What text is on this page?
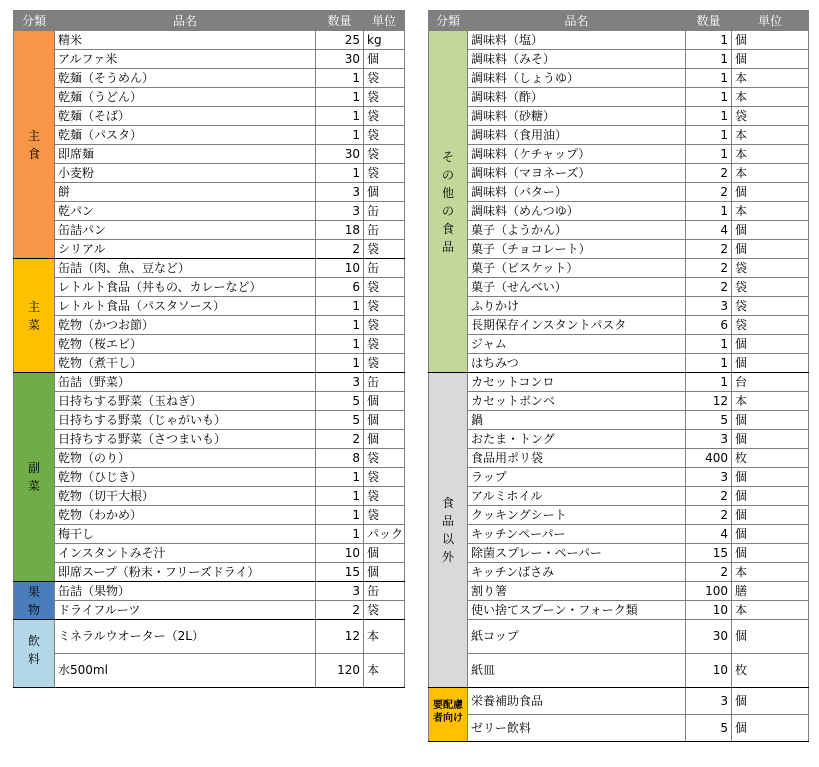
分類	品名	数量	単位
主食	精米	25	kg
	アルファ米	30	個
	乾麺（そうめん）	1	袋
	乾麺（うどん）	1	袋
	乾麺（そば）	1	袋
	乾麺（パスタ）	1	袋
	即席麺	30	袋
	小麦粉	1	袋
	餅	3	個
	乾パン	3	缶
	缶詰パン	18	缶
	シリアル	2	袋
主菜	缶詰（肉、魚、豆など）	10	缶
	レトルト食品（丼もの、カレーなど）	6	袋
	レトルト食品（パスタソース）	1	袋
	乾物（かつお節）	1	袋
	乾物（桜エビ）	1	袋
	乾物（煮干し）	1	袋
副菜	缶詰（野菜）	3	缶
	日持ちする野菜（玉ねぎ）	5	個
	日持ちする野菜（じゃがいも）	5	個
	日持ちする野菜（さつまいも）	2	個
	乾物（のり）	8	袋
	乾物（ひじき）	1	袋
	乾物（切干大根）	1	袋
	乾物（わかめ）	1	袋
	梅干し	1	パック
	インスタントみそ汁	10	個
	即席スープ（粉末・フリーズドライ）	15	個
果物	缶詰（果物）	3	缶
	ドライフルーツ	2	袋
飲料	ミネラルウオーター（2L）	12	本
	水500ml	120	本
分類	品名	数量	単位
その他の食品	調味料（塩）	1	個
	調味料（みそ）	1	個
	調味料（しょうゆ）	1	本
	調味料（酢）	1	本
	調味料（砂糖）	1	袋
	調味料（食用油）	1	本
	調味料（ケチャップ）	1	本
	調味料（マヨネーズ）	2	本
	調味料（バター）	2	個
	調味料（めんつゆ）	1	本
	菓子（ようかん）	4	個
	菓子（チョコレート）	2	個
	菓子（ビスケット）	2	袋
	菓子（せんべい）	2	袋
	ふりかけ	3	袋
	長期保存インスタントパスタ	6	袋
	ジャム	1	個
	はちみつ	1	個
食品以外	カセットコンロ	1	台
	カセットボンベ	12	本
	鍋	5	個
	おたま・トング	3	個
	食品用ポリ袋	400	枚
	ラップ	3	個
	アルミホイル	2	個
	クッキングシート	2	個
	キッチンペーパー	4	個
	除菌スプレー・ペーパー	15	個
	キッチンばさみ	2	本
	割り箸	100	膳
	使い捨てスプーン・フォーク類	10	本
	紙コップ	30	個
	紙皿	10	枚
要配慮者向け	栄養補助食品	3	個
	ゼリー飲料	5	個
